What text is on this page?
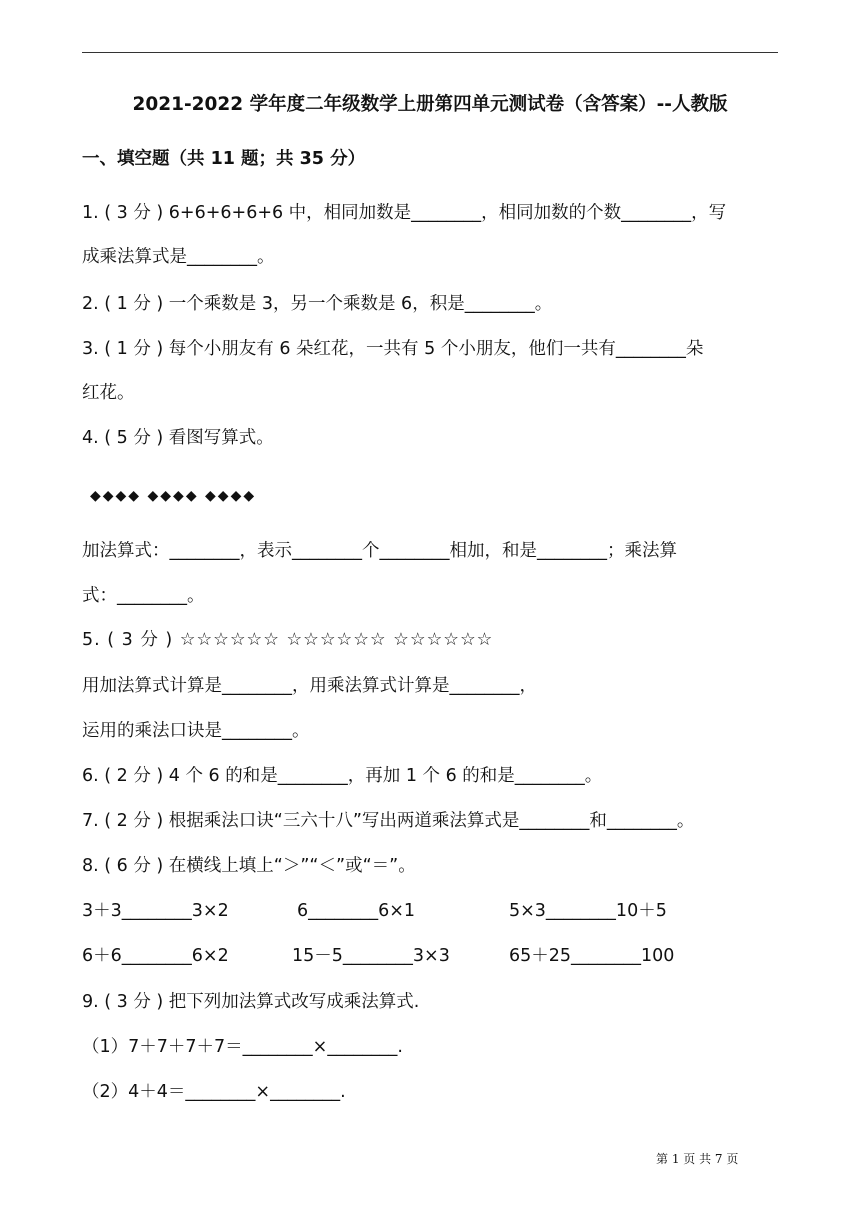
2021-2022 学年度二年级数学上册第四单元测试卷（含答案）--人教版
一、填空题（共 11 题；共 35 分）
1. ( 3 分 ) 6+6+6+6+6 中，相同加数是________，相同加数的个数________，写
成乘法算式是________。
2. ( 1 分 ) 一个乘数是 3，另一个乘数是 6，积是________。
3. ( 1 分 ) 每个小朋友有 6 朵红花，一共有 5 个小朋友，他们一共有________朵
红花。
4. ( 5 分 ) 看图写算式。
◆◆◆◆ ◆◆◆◆ ◆◆◆◆
加法算式：________，表示________个________相加，和是________；乘法算
式：________。
5. ( 3 分 ) ☆☆☆☆☆☆ ☆☆☆☆☆☆ ☆☆☆☆☆☆
用加法算式计算是________，用乘法算式计算是________，
运用的乘法口诀是________。
6. ( 2 分 ) 4 个 6 的和是________，再加 1 个 6 的和是________。
7. ( 2 分 ) 根据乘法口诀“三六十八”写出两道乘法算式是________和________。
8. ( 6 分 ) 在横线上填上“＞”“＜”或“＝”。
3＋3________3×2	6________6×1	5×3________10＋5
6＋6________6×2	15－5________3×3	65＋25________100
9. ( 3 分 ) 把下列加法算式改写成乘法算式.
（1）7＋7＋7＋7＝________×________.
（2）4＋4＝________×________.
第 1 页 共 7 页
